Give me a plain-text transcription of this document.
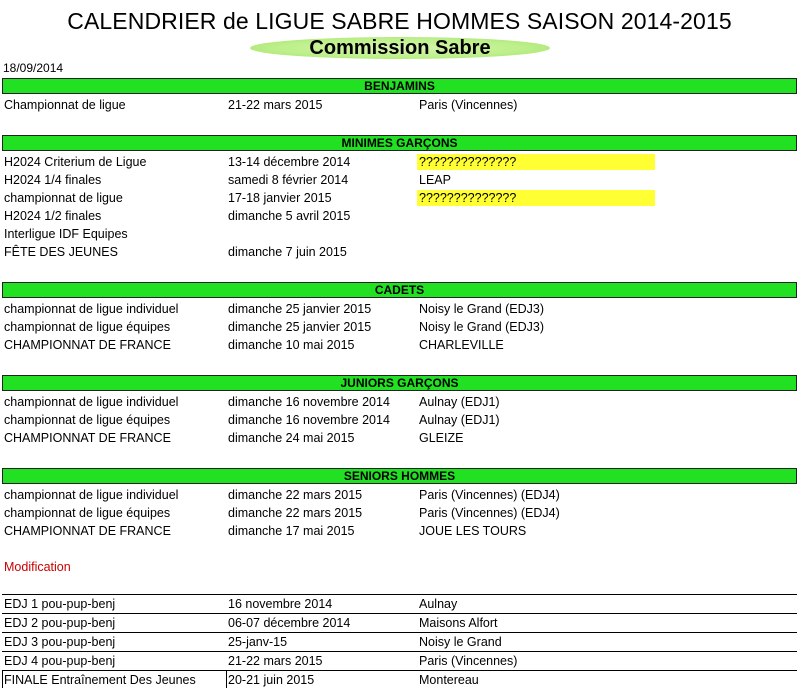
CALENDRIER de LIGUE SABRE HOMMES SAISON 2014-2015
Commission Sabre
18/09/2014
BENJAMINS
Championnat de ligue	21-22 mars 2015	Paris (Vincennes)
MINIMES GARÇONS
H2024 Criterium de Ligue	13-14 décembre 2014	??????????????
H2024 1/4 finales	samedi 8 février 2014	LEAP
championnat de ligue	17-18 janvier 2015	??????????????
H2024 1/2 finales	dimanche 5 avril 2015
Interligue IDF Equipes
FÊTE DES JEUNES	dimanche 7 juin 2015
CADETS
championnat de ligue individuel	dimanche 25 janvier 2015	Noisy le Grand (EDJ3)
championnat de ligue équipes	dimanche 25 janvier 2015	Noisy le Grand (EDJ3)
CHAMPIONNAT DE FRANCE	dimanche 10 mai 2015	CHARLEVILLE
JUNIORS GARÇONS
championnat de ligue individuel	dimanche 16 novembre 2014 Aulnay (EDJ1)
championnat de ligue équipes	dimanche 16 novembre 2014 Aulnay (EDJ1)
CHAMPIONNAT DE FRANCE	dimanche 24 mai 2015	GLEIZE
SENIORS HOMMES
championnat de ligue individuel	dimanche 22 mars 2015	Paris (Vincennes) (EDJ4)
championnat de ligue équipes	dimanche 22 mars 2015	Paris (Vincennes) (EDJ4)
CHAMPIONNAT DE FRANCE	dimanche 17 mai 2015	JOUE LES TOURS
Modification
EDJ 1 pou-pup-benj	16 novembre 2014	Aulnay
EDJ 2 pou-pup-benj	06-07 décembre 2014	Maisons Alfort
EDJ 3 pou-pup-benj	25-janv-15	Noisy le Grand
EDJ 4 pou-pup-benj	21-22 mars 2015	Paris (Vincennes)
FINALE Entraînement Des Jeunes	20-21 juin 2015	Montereau
